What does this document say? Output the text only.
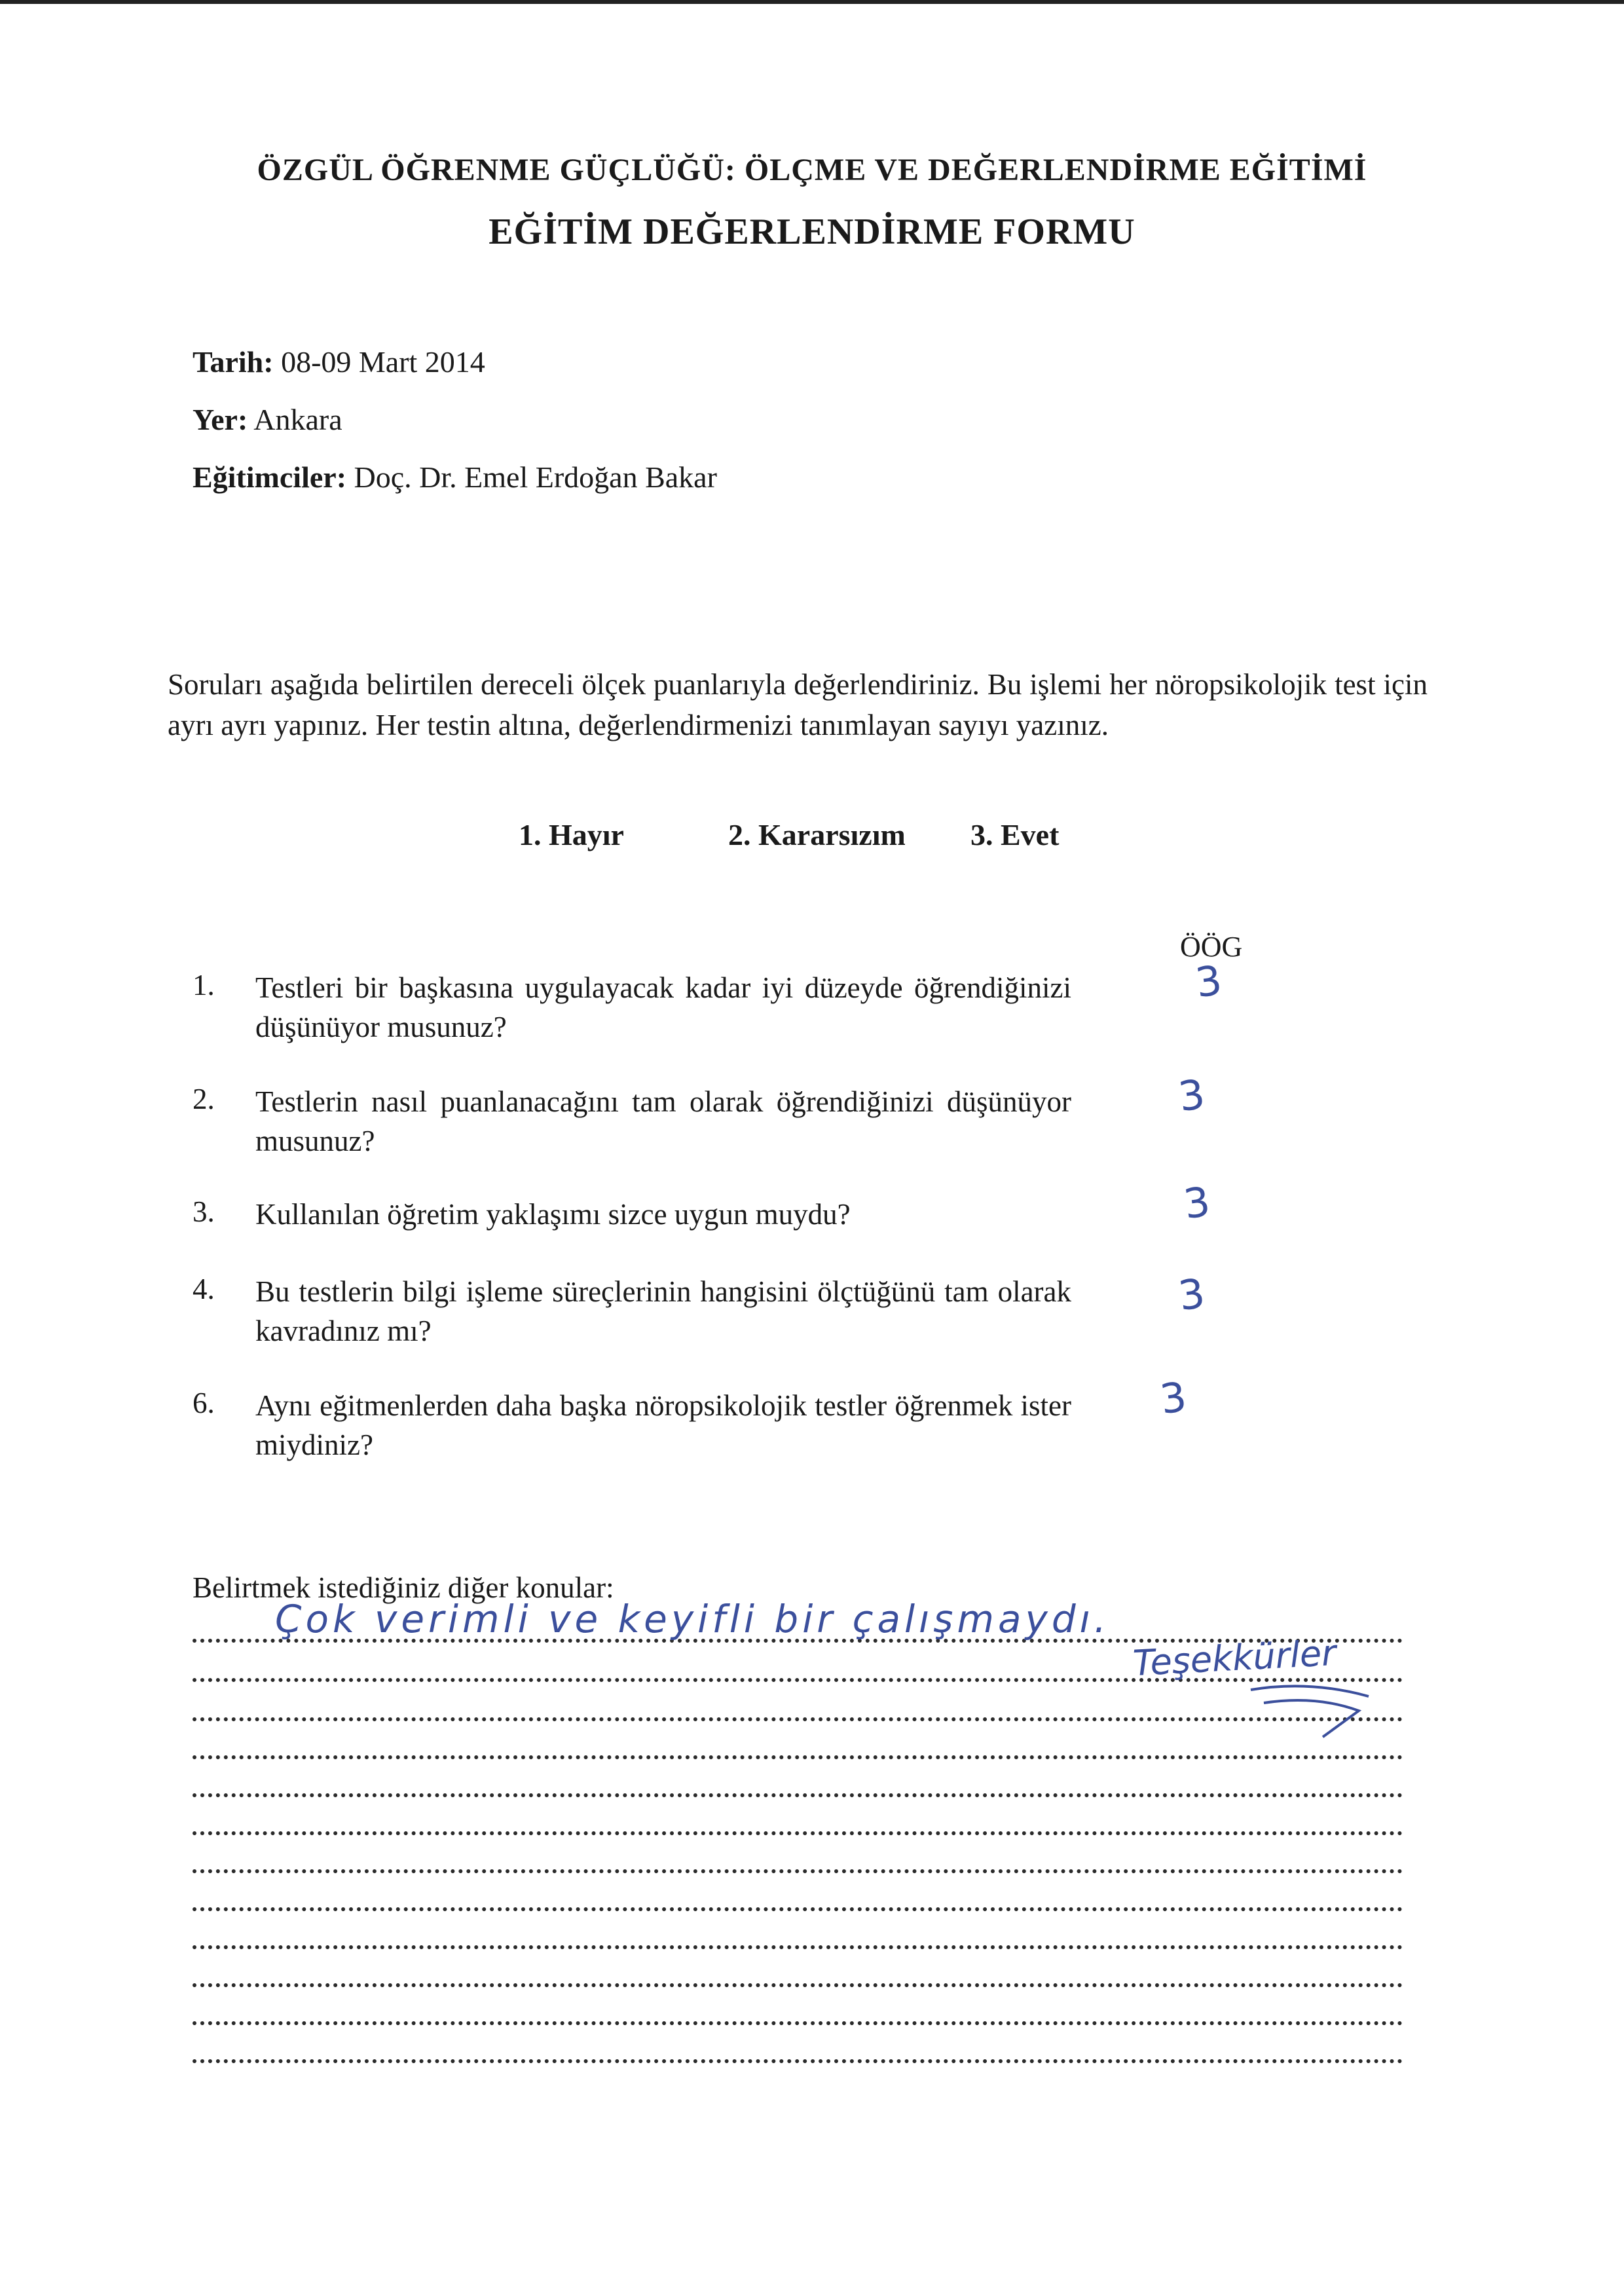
ÖZGÜL ÖĞRENME GÜÇLÜĞÜ: ÖLÇME VE DEĞERLENDİRME EĞİTİMİ
EĞİTİM DEĞERLENDİRME FORMU
Tarih: 08-09 Mart 2014
Yer: Ankara
Eğitimciler: Doç. Dr. Emel Erdoğan Bakar
Soruları aşağıda belirtilen dereceli ölçek puanlarıyla değerlendiriniz. Bu işlemi her nöropsikolojik test için ayrı ayrı yapınız. Her testin altına, değerlendirmenizi tanımlayan sayıyı yazınız.
1. Hayır	2. Kararsızım 3. Evet
ÖÖG
1. Testleri bir başkasına uygulayacak kadar iyi düzeyde öğrendiğinizi düşünüyor musunuz?
3
2. Testlerin nasıl puanlanacağını tam olarak öğrendiğinizi düşünüyor musunuz?
3
3. Kullanılan öğretim yaklaşımı sizce uygun muydu?	3
4. Bu testlerin bilgi işleme süreçlerinin hangisini ölçtüğünü tam olarak kavradınız mı?
3
6. Aynı eğitmenlerden daha başka nöropsikolojik testler öğrenmek ister miydiniz?
3
Belirtmek istediğiniz diğer konular:
Çok verimli ve keyifli bir çalışmaydı.
Teşekkürler
